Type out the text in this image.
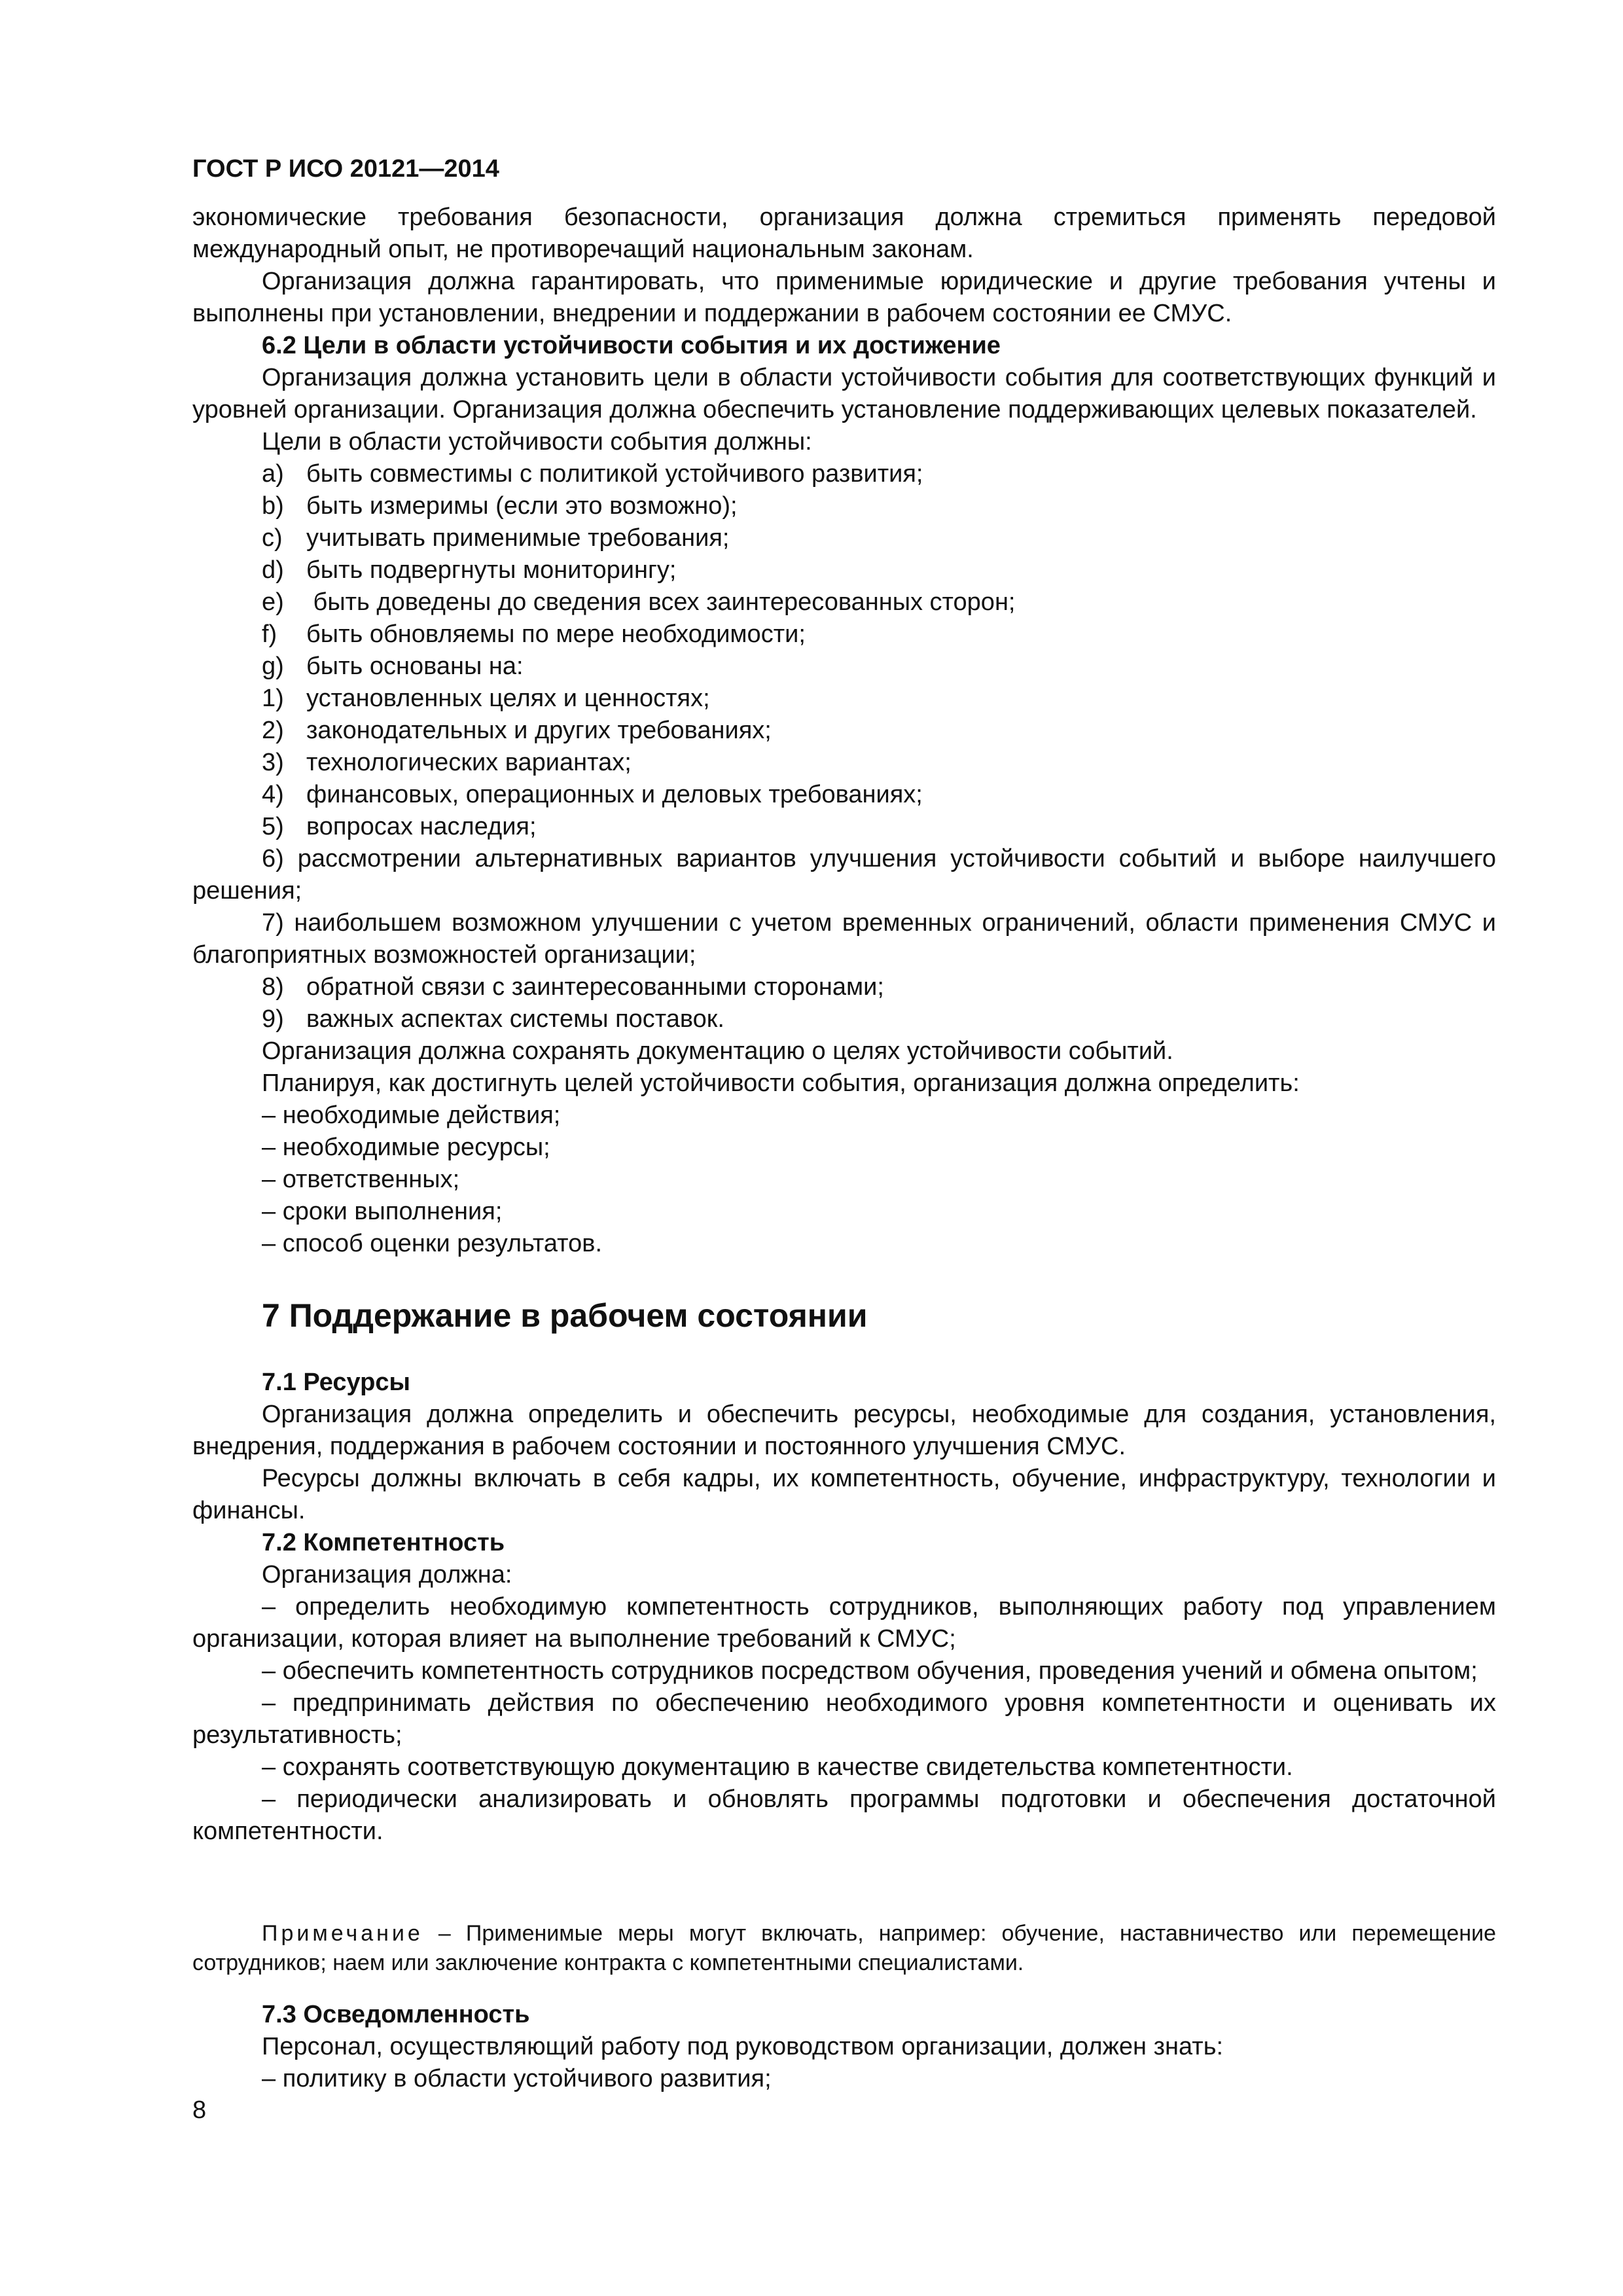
ГОСТ Р ИСО 20121—2014

экономические требования безопасности, организация должна стремиться применять передовой международный опыт, не противоречащий национальным законам.

Организация должна гарантировать, что применимые юридические и другие требования учтены и выполнены при установлении, внедрении и поддержании в рабочем состоянии ее СМУС.

6.2 Цели в области устойчивости события и их достижение

Организация должна установить цели в области устойчивости события для соответствующих функций и уровней организации. Организация должна обеспечить установление поддерживающих целевых показателей.

Цели в области устойчивости события должны:

a) быть совместимы с политикой устойчивого развития;

b) быть измеримы (если это возможно);

c) учитывать применимые требования;

d) быть подвергнуты мониторингу;

e) быть доведены до сведения всех заинтересованных сторон;

f) быть обновляемы по мере необходимости;

g) быть основаны на:

1) установленных целях и ценностях;

2) законодательных и других требованиях;

3) технологических вариантах;

4) финансовых, операционных и деловых требованиях;

5) вопросах наследия;

6) рассмотрении альтернативных вариантов улучшения устойчивости событий и выборе наилучшего решения;

7) наибольшем возможном улучшении с учетом временных ограничений, области применения СМУС и благоприятных возможностей организации;

8) обратной связи с заинтересованными сторонами;

9) важных аспектах системы поставок.

Организация должна сохранять документацию о целях устойчивости событий.

Планируя, как достигнуть целей устойчивости события, организация должна определить:

– необходимые действия;

– необходимые ресурсы;

– ответственных;

– сроки выполнения;

– способ оценки результатов.

7 Поддержание в рабочем состоянии

7.1 Ресурсы

Организация должна определить и обеспечить ресурсы, необходимые для создания, установления, внедрения, поддержания в рабочем состоянии и постоянного улучшения СМУС.

Ресурсы должны включать в себя кадры, их компетентность, обучение, инфраструктуру, технологии и финансы.

7.2 Компетентность

Организация должна:

– определить необходимую компетентность сотрудников, выполняющих работу под управлением организации, которая влияет на выполнение требований к СМУС;

– обеспечить компетентность сотрудников посредством обучения, проведения учений и обмена опытом;

– предпринимать действия по обеспечению необходимого уровня компетентности и оценивать их результативность;

– сохранять соответствующую документацию в качестве свидетельства компетентности.

– периодически анализировать и обновлять программы подготовки и обеспечения достаточной компетентности.

Примечание – Применимые меры могут включать, например: обучение, наставничество или перемещение сотрудников; наем или заключение контракта с компетентными специалистами.

7.3 Осведомленность

Персонал, осуществляющий работу под руководством организации, должен знать:

– политику в области устойчивого развития;

8
